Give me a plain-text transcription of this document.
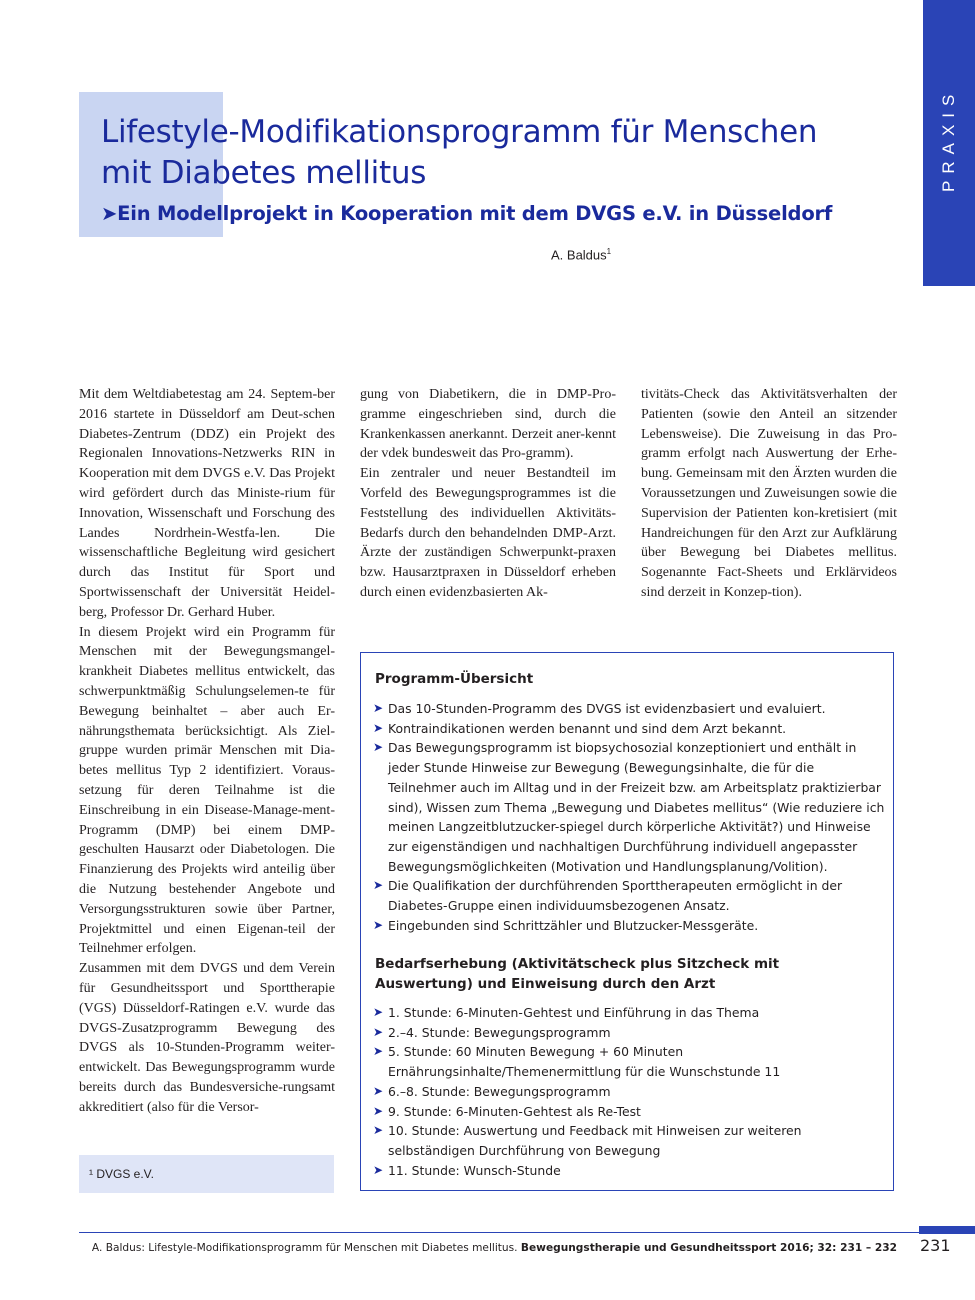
PRAXIS
Lifestyle-Modifikationsprogramm für Menschen
mit Diabetes mellitus
➤Ein Modellprojekt in Kooperation mit dem DVGS e.V. in Düsseldorf
A. Baldus$^1$

Mit dem Weltdiabetestag am 24. Septem-ber 2016 startete in Düsseldorf am Deut-schen Diabetes-Zentrum (DDZ) ein Projekt des Regionalen Innovations-Netzwerks RIN in Kooperation mit dem DVGS e.V. Das Projekt wird gefördert durch das Ministe-rium für Innovation, Wissenschaft und Forschung des Landes Nordrhein-Westfa-len. Die wissenschaftliche Begleitung wird gesichert durch das Institut für Sport und Sportwissenschaft der Universität Heidel-berg, Professor Dr. Gerhard Huber.

In diesem Projekt wird ein Programm für Menschen mit der Bewegungsmangel-krankheit Diabetes mellitus entwickelt, das schwerpunktmäßig Schulungselemen-te für Bewegung beinhaltet – aber auch Er-nährungsthemata berücksichtigt. Als Ziel-gruppe wurden primär Menschen mit Dia-betes mellitus Typ 2 identifiziert. Voraus-setzung für deren Teilnahme ist die Einschreibung in ein Disease-Manage-ment-Programm (DMP) bei einem DMP-geschulten Hausarzt oder Diabetologen. Die Finanzierung des Projekts wird anteilig über die Nutzung bestehender Angebote und Versorgungsstrukturen sowie über Partner, Projektmittel und einen Eigenan-teil der Teilnehmer erfolgen.

Zusammen mit dem DVGS und dem Verein für Gesundheitssport und Sporttherapie (VGS) Düsseldorf-Ratingen e.V. wurde das DVGS-Zusatzprogramm Bewegung des DVGS als 10-Stunden-Programm weiter-entwickelt. Das Bewegungsprogramm wurde bereits durch das Bundesversiche-rungsamt akkreditiert (also für die Versor-

gung von Diabetikern, die in DMP-Pro-gramme eingeschrieben sind, durch die Krankenkassen anerkannt. Derzeit aner-kennt der vdek bundesweit das Pro-gramm).

Ein zentraler und neuer Bestandteil im Vorfeld des Bewegungsprogrammes ist die Feststellung des individuellen Aktivitäts-Bedarfs durch den behandelnden DMP-Arzt. Ärzte der zuständigen Schwerpunkt-praxen bzw. Hausarztpraxen in Düsseldorf erheben durch einen evidenzbasierten Ak-

tivitäts-Check das Aktivitätsverhalten der Patienten (sowie den Anteil an sitzender Lebensweise). Die Zuweisung in das Pro-gramm erfolgt nach Auswertung der Erhe-bung. Gemeinsam mit den Ärzten wurden die Voraussetzungen und Zuweisungen sowie die Supervision der Patienten kon-kretisiert (mit Handreichungen für den Arzt zur Aufklärung über Bewegung bei Diabetes mellitus. Sogenannte Fact-Sheets und Erklärvideos sind derzeit in Konzep-tion).

¹ DVGS e.V.
Programm-Übersicht
➤ Das 10-Stunden-Programm des DVGS ist evidenzbasiert und evaluiert.
➤ Kontraindikationen werden benannt und sind dem Arzt bekannt.
➤ Das Bewegungsprogramm ist biopsychosozial konzeptioniert und enthält in jeder Stunde Hinweise zur Bewegung (Bewegungsinhalte, die für die Teilnehmer auch im Alltag und in der Freizeit bzw. am Arbeitsplatz praktizierbar sind), Wissen zum Thema „Bewegung und Diabetes mellitus“ (Wie reduziere ich meinen Langzeitblutzucker-spiegel durch körperliche Aktivität?) und Hinweise zur eigenständigen und nachhaltigen Durchführung individuell angepasster Bewegungsmöglichkeiten (Motivation und Handlungsplanung/Volition).
➤ Die Qualifikation der durchführenden Sporttherapeuten ermöglicht in der Diabetes-Gruppe einen individuumsbezogenen Ansatz.
➤ Eingebunden sind Schrittzähler und Blutzucker-Messgeräte.
Bedarfserhebung (Aktivitätscheck plus Sitzcheck mit Auswertung) und Einweisung durch den Arzt
➤ 1. Stunde: 6-Minuten-Gehtest und Einführung in das Thema
➤ 2.–4. Stunde: Bewegungsprogramm
➤ 5. Stunde: 60 Minuten Bewegung + 60 Minuten Ernährungsinhalte/Themenermittlung für die Wunschstunde 11
➤ 6.–8. Stunde: Bewegungsprogramm
➤ 9. Stunde: 6-Minuten-Gehtest als Re-Test
➤ 10. Stunde: Auswertung und Feedback mit Hinweisen zur weiteren selbständigen Durchführung von Bewegung
➤ 11. Stunde: Wunsch-Stunde
A. Baldus: Lifestyle-Modifikationsprogramm für Menschen mit Diabetes mellitus. Bewegungstherapie und Gesundheitssport 2016; 32: 231 – 232 231
